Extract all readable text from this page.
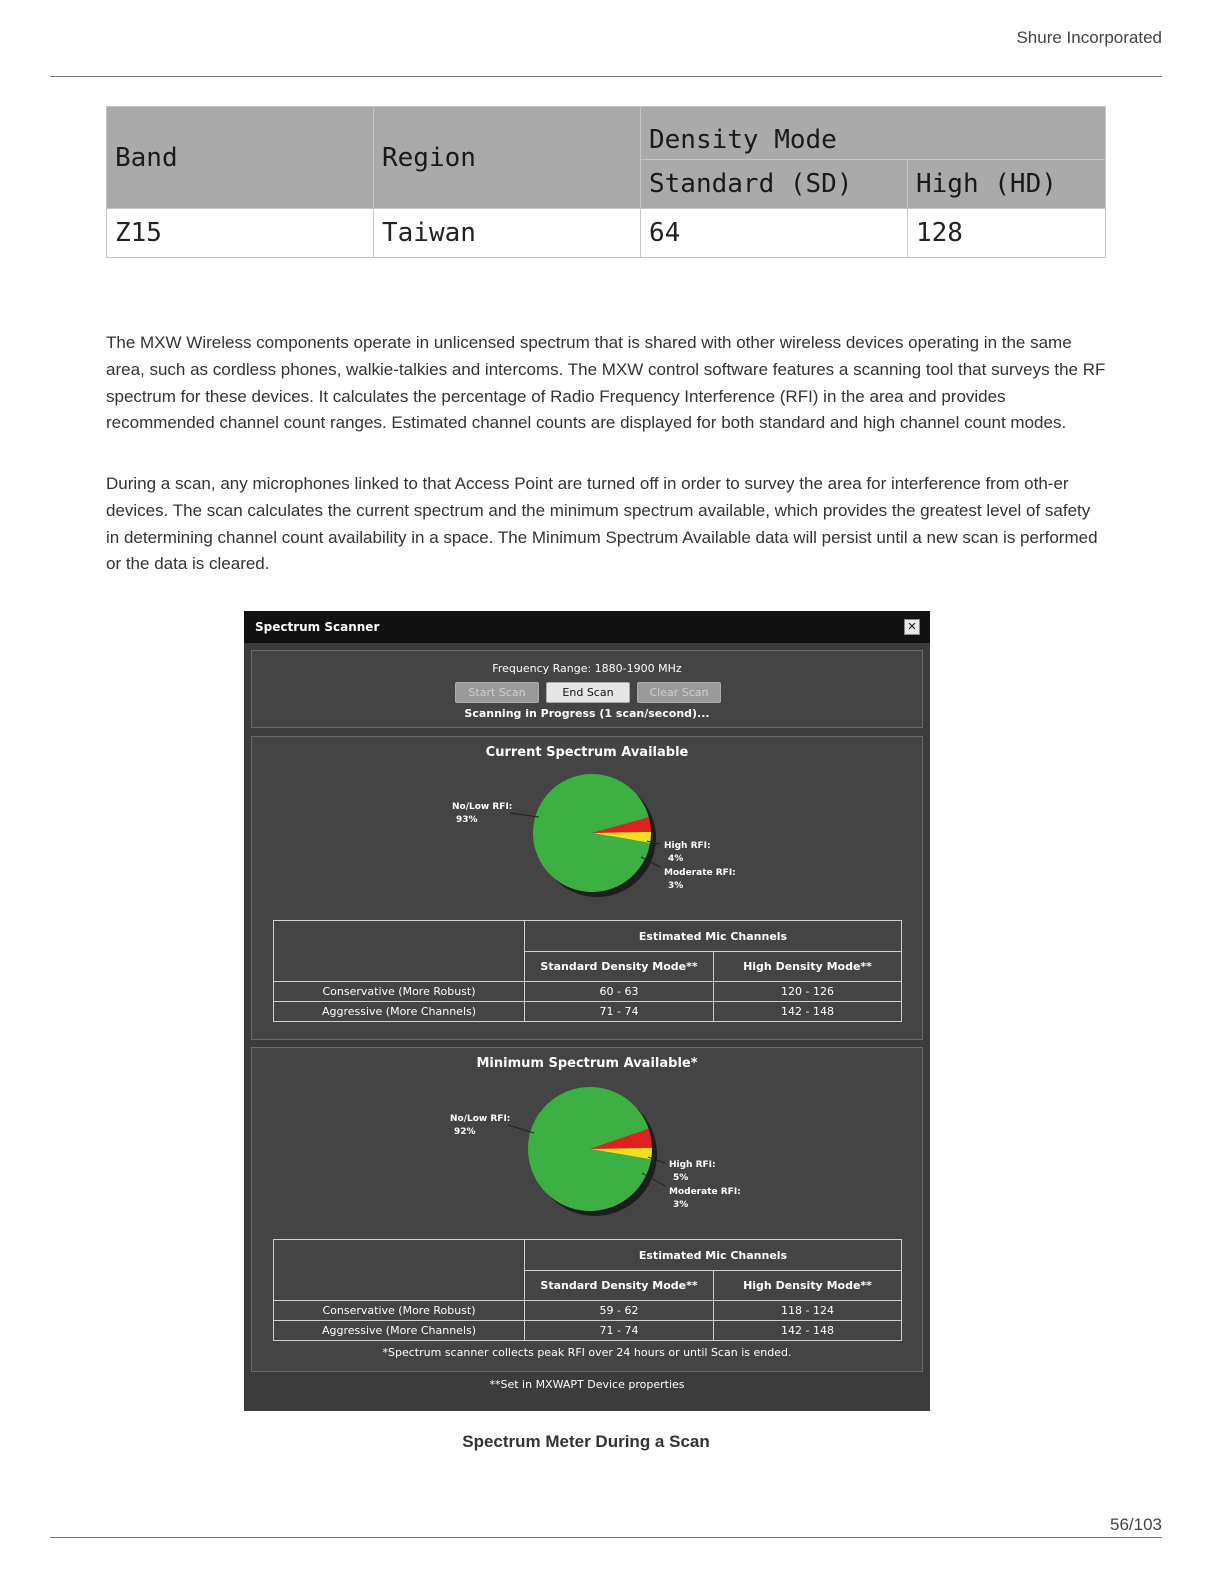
Shure Incorporated
Band	Region	Density Mode	
		Standard (SD)	High (HD)
Z15	Taiwan	64	128

The MXW Wireless components operate in unlicensed spectrum that is shared with other wireless devices operating in the same area, such as cordless phones, walkie-talkies and intercoms. The MXW control software features a scanning tool that surveys the RF spectrum for these devices. It calculates the percentage of Radio Frequency Interference (RFI) in the area and provides recommended channel count ranges. Estimated channel counts are displayed for both standard and high channel count modes.

During a scan, any microphones linked to that Access Point are turned off in order to survey the area for interference from oth-er devices. The scan calculates the current spectrum and the minimum spectrum available, which provides the greatest level of safety in determining channel count availability in a space. The Minimum Spectrum Available data will persist until a new scan is performed or the data is cleared.

Spectrum Scanner	✕
Frequency Range: 1880-1900 MHz
Start Scan	End Scan	Clear Scan
Scanning in Progress (1 scan/second)...
Current Spectrum Available
No/Low RFI:
93%
High RFI:
4%
Moderate RFI:
3%
	Estimated Mic Channels	
	Standard Density Mode**	High Density Mode**
Conservative (More Robust)	60 - 63	120 - 126
Aggressive (More Channels)	71 - 74	142 - 148
Minimum Spectrum Available*
No/Low RFI:
92%
High RFI:
5%
Moderate RFI:
3%
	Estimated Mic Channels	
	Standard Density Mode**	High Density Mode**
Conservative (More Robust)	59 - 62	118 - 124
Aggressive (More Channels)	71 - 74	142 - 148
*Spectrum scanner collects peak RFI over 24 hours or until Scan is ended.
**Set in MXWAPT Device properties
Spectrum Meter During a Scan
56/103
